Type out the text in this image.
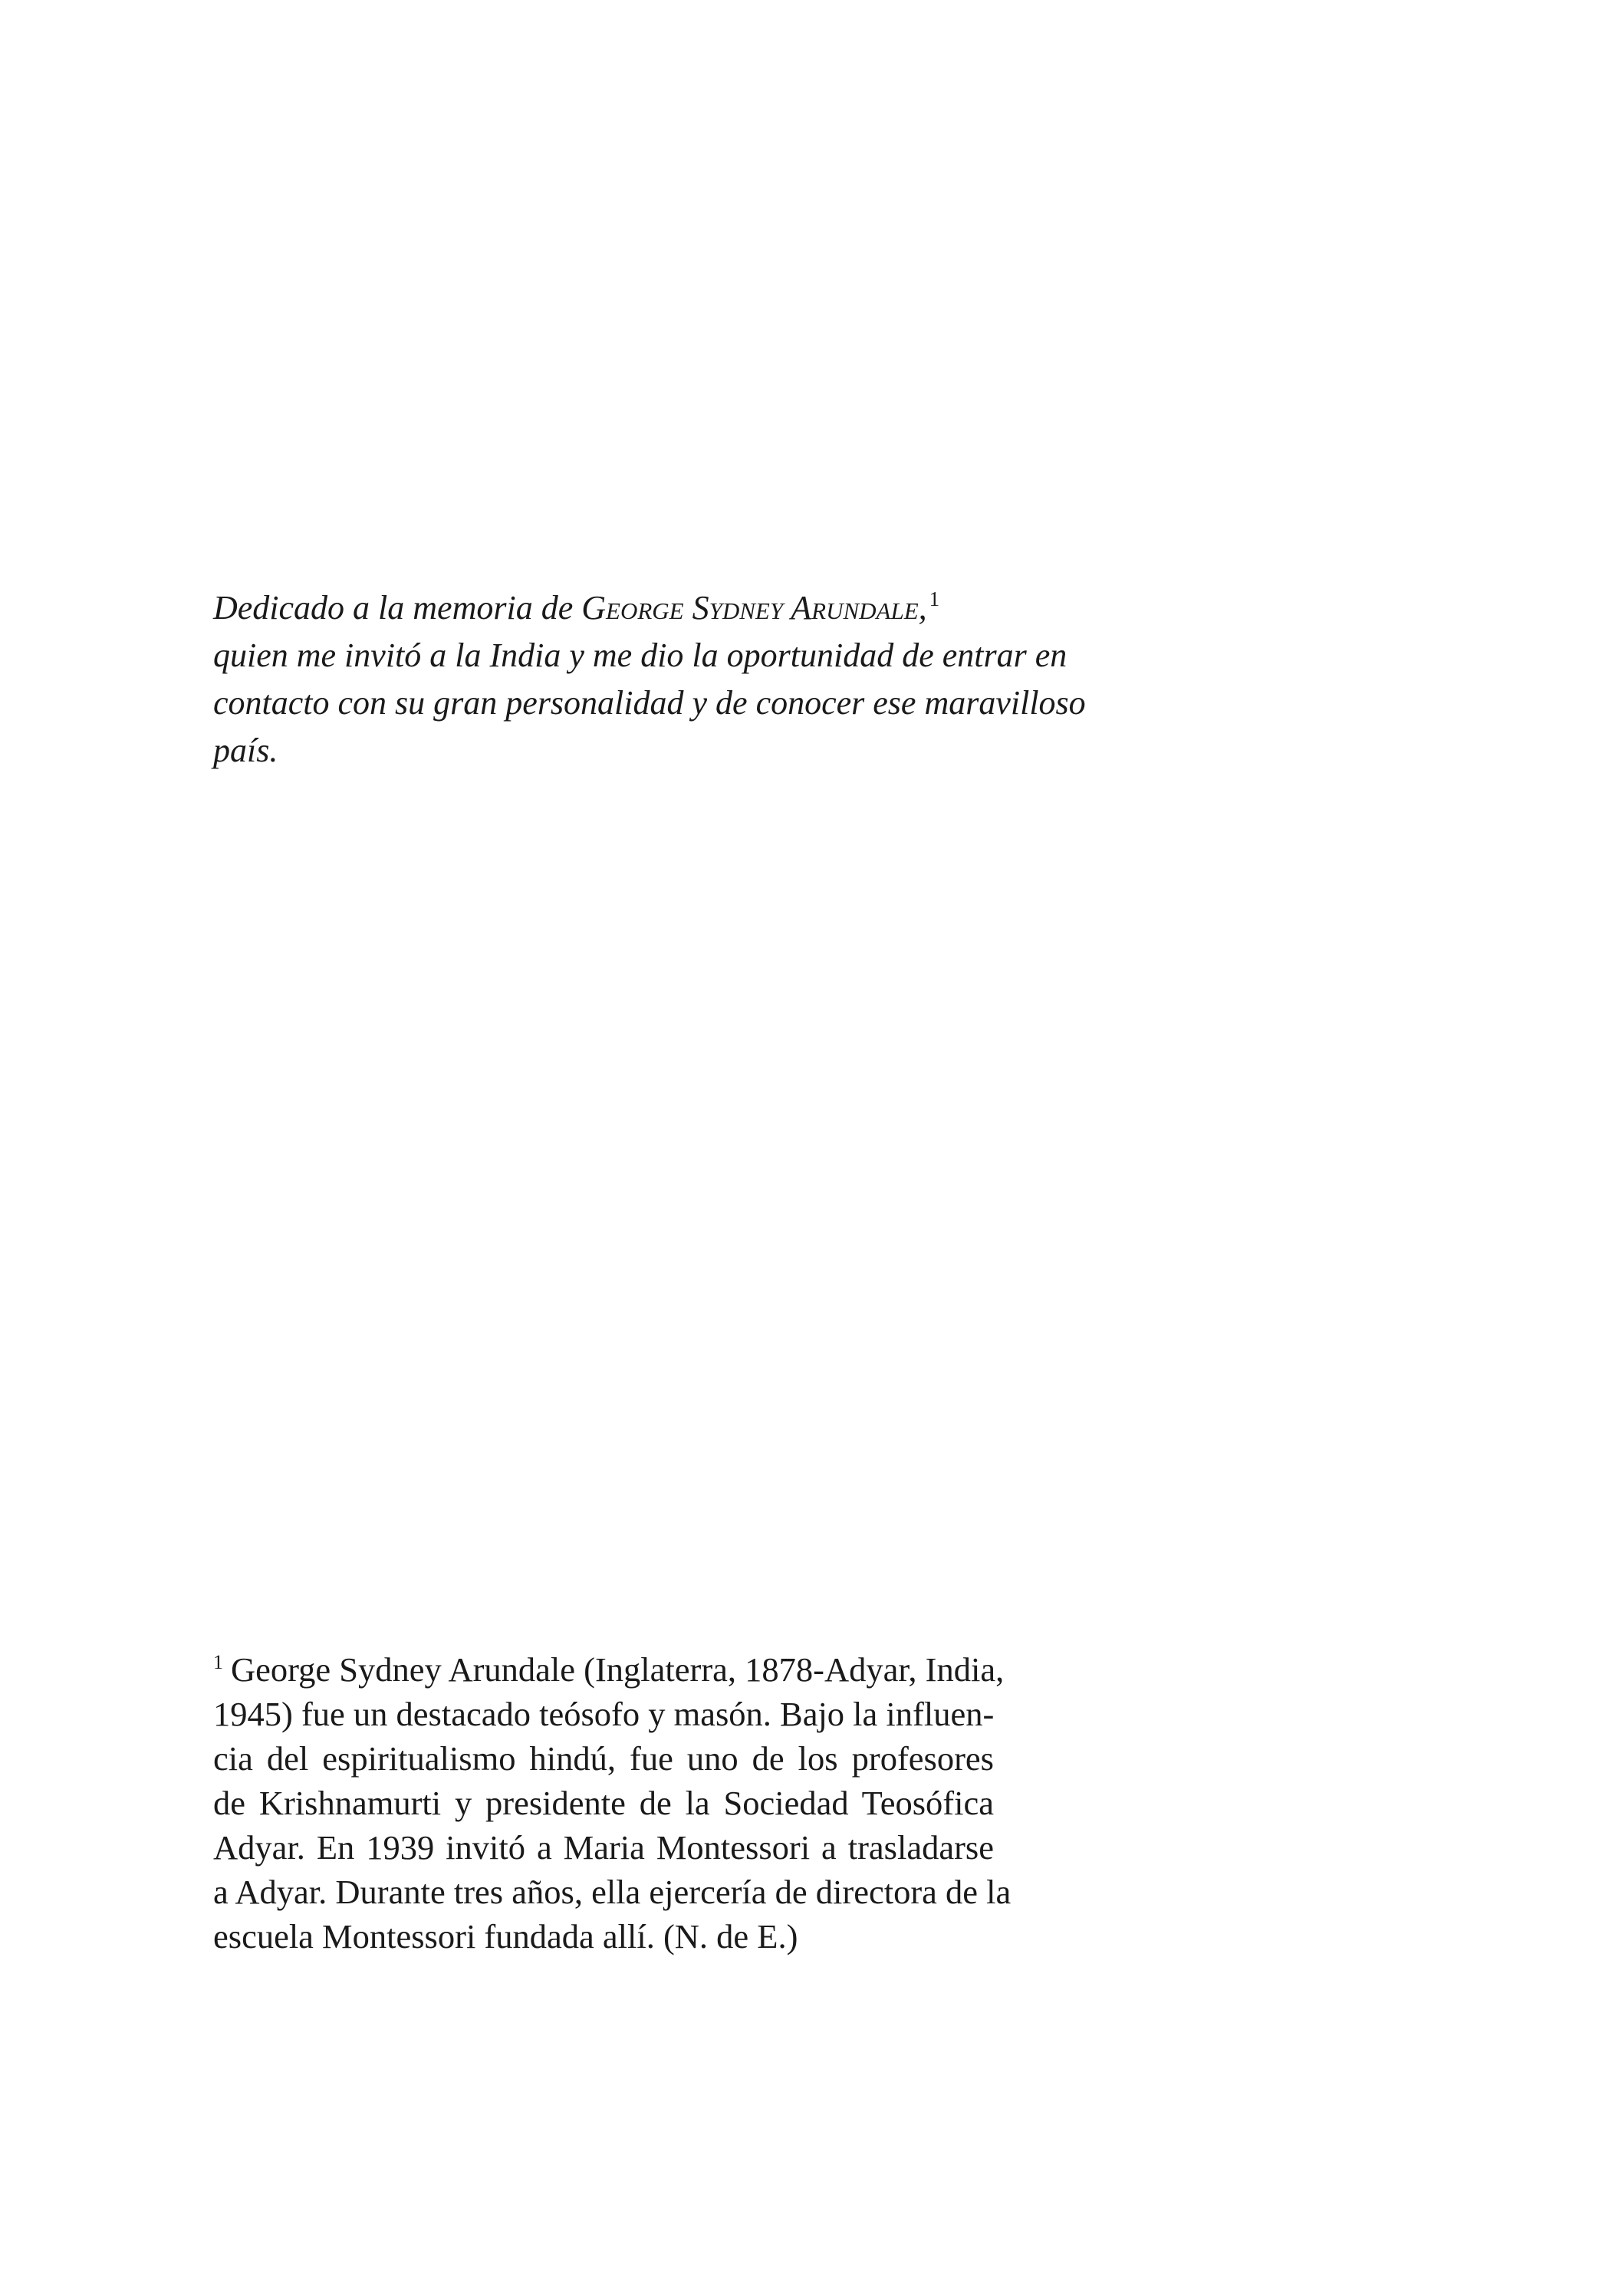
Dedicado a la memoria de George Sydney Arundale, $^1$
quien me invitó a la India y me dio la oportunidad de entrar en
contacto con su gran personalidad y de conocer ese maravilloso
país.
$^1$ George Sydney Arundale (Inglaterra, 1878-Adyar, India,
1945) fue un destacado teósofo y masón. Bajo la influen-
cia del espiritualismo hindú, fue uno de los profesores
de Krishnamurti y presidente de la Sociedad Teosófica
Adyar. En 1939 invitó a Maria Montessori a trasladarse
a Adyar. Durante tres años, ella ejercería de directora de la
escuela Montessori fundada allí. (N. de E.)
